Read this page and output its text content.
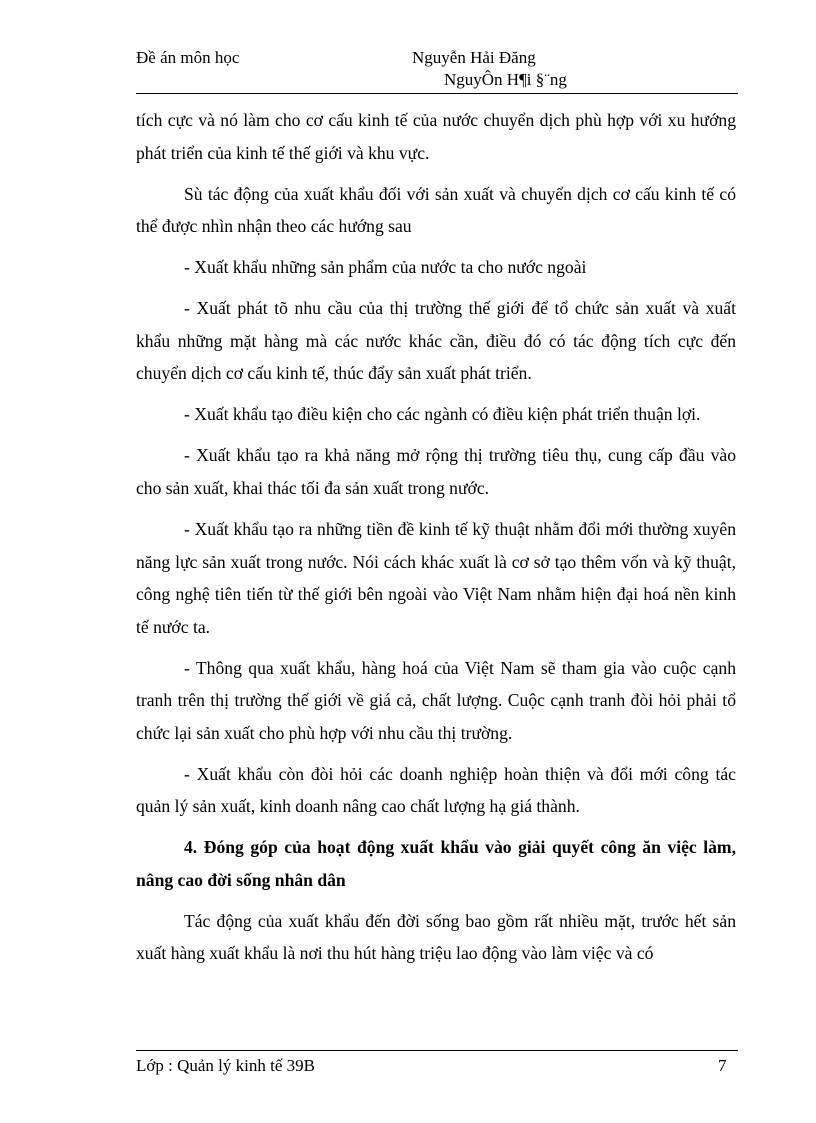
Đề án môn học	Nguyễn Hải Đăng
NguyÔn H¶i §¨ng

tích cực và nó làm cho cơ cấu kinh tế của nước chuyển dịch phù hợp với xu hướng phát triển của kinh tế thế giới và khu vực.

Sù tác động của xuất khẩu đối với sản xuất và chuyển dịch cơ cấu kinh tế có thể được nhìn nhận theo các hướng sau

- Xuất khẩu những sản phẩm của nước ta cho nước ngoài

- Xuất phát tõ nhu cầu của thị trường thế giới để tổ chức sản xuất và xuất khẩu những mặt hàng mà các nước khác cần, điều đó có tác động tích cực đến chuyển dịch cơ cấu kinh tế, thúc đẩy sản xuất phát triển.

- Xuất khẩu tạo điều kiện cho các ngành có điều kiện phát triển thuận lợi.

- Xuất khẩu tạo ra khả năng mở rộng thị trường tiêu thụ, cung cấp đầu vào cho sản xuất, khai thác tối đa sản xuất trong nước.

- Xuất khẩu tạo ra những tiền đề kinh tế kỹ thuật nhằm đổi mới thường xuyên năng lực sản xuất trong nước. Nói cách khác xuất là cơ sở tạo thêm vốn và kỹ thuật, công nghệ tiên tiến từ thế giới bên ngoài vào Việt Nam nhằm hiện đại hoá nền kinh tế nước ta.

- Thông qua xuất khẩu, hàng hoá của Việt Nam sẽ tham gia vào cuộc cạnh tranh trên thị trường thế giới về giá cả, chất lượng. Cuộc cạnh tranh đòi hỏi phải tổ chức lại sản xuất cho phù hợp với nhu cầu thị trường.

- Xuất khẩu còn đòi hỏi các doanh nghiệp hoàn thiện và đổi mới công tác quản lý sản xuất, kinh doanh nâng cao chất lượng hạ giá thành.

4. Đóng góp của hoạt động xuất khẩu vào giải quyết công ăn việc làm, nâng cao đời sống nhân dân

Tác động của xuất khẩu đến đời sống bao gồm rất nhiều mặt, trước hết sản xuất hàng xuất khẩu là nơi thu hút hàng triệu lao động vào làm việc và có

Lớp : Quản lý kinh tế 39B	7
